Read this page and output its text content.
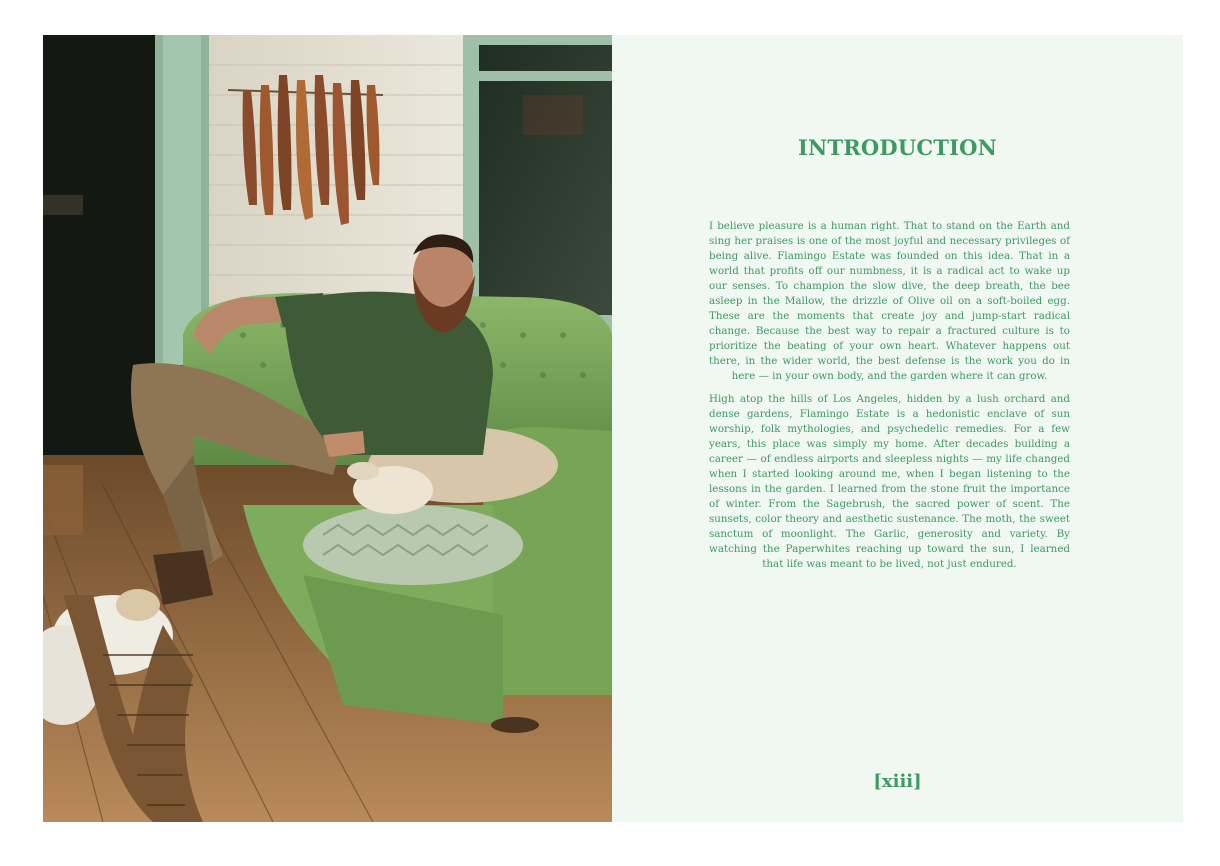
INTRODUCTION

I believe pleasure is a human right. That to stand on the Earth and sing her praises is one of the most joyful and necessary privileges of being alive. Flamingo Estate was founded on this idea. That in a world that profits off our numbness, it is a radical act to wake up our senses. To champion the slow dive, the deep breath, the bee asleep in the Mallow, the drizzle of Olive oil on a soft-boiled egg. These are the moments that create joy and jump-start radical change. Because the best way to repair a fractured culture is to prioritize the beating of your own heart. Whatever happens out there, in the wider world, the best defense is the work you do in here — in your own body, and the garden where it can grow.

High atop the hills of Los Angeles, hidden by a lush orchard and dense gardens, Flamingo Estate is a hedonistic enclave of sun worship, folk mythologies, and psychedelic remedies. For a few years, this place was simply my home. After decades building a career — of endless airports and sleepless nights — my life changed when I started looking around me, when I began listening to the lessons in the garden. I learned from the stone fruit the importance of winter. From the Sagebrush, the sacred power of scent. The sunsets, color theory and aesthetic sustenance. The moth, the sweet sanctum of moonlight. The Garlic, generosity and variety. By watching the Paperwhites reaching up toward the sun, I learned that life was meant to be lived, not just endured.

[xiii]
